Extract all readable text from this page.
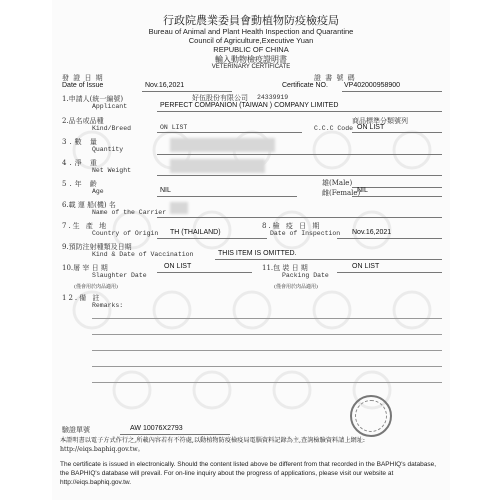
行政院農業委員會動植物防疫檢疫局
Bureau of Animal and Plant Health Inspection and Quarantine
Council of Agriculture,Executive Yuan
REPUBLIC OF CHINA
輸入動物檢疫證明書
VETERINARY CERTIFICATE
發 證 日 期
Date of Issue	Nov.16,2021
證 書 號 碼
Certificate NO. VP402000958900
1.申請人(統一編號)
Applicant
好伍股份有限公司 24339919
PERFECT COMPANION (TAIWAN ) COMPANY LIMITED
2.品名或品種
Kind/Breed	ON LIST
商品標準分類號列
C.C.C Code ON LIST
3.數 量
Quantity
4.淨 重
Net Weight
5.年 齡
Age	NIL
雄(Male)
雌(Female)
NIL
6.載 運 船(機) 名
Name of the Carrier
7.生 產 地
Country of Origin TH (THAILAND)
8.檢 疫 日 期
Date of Inspection Nov.16,2021
9.預防注射種類及日期
Kind & Date of Vaccination	THIS ITEM IS OMITTED.
10.屠 宰 日 期	ON LIST
Slaughter Date
(僅會用於肉品適用)
11.包 裝 日 期	ON LIST
Packing Date
(僅會用於肉品適用)
12.備 註
Remarks:
驗證單號	AW 10076X2793
本證明書以電子方式作行之,所載內容若有不符處,以動植物防疫檢疫局電腦資料記錄為主,查詢檢驗資料請上網址: http://eiqs.baphiq.gov.tw。
The certificate is issued in electronically. Should the content listed above be different from that recorded in the BAPHIQ's database, the BAPHIQ's database will prevail. For on-line inquiry about the progress of applications, please visit our website at http://eiqs.baphiq.gov.tw.
